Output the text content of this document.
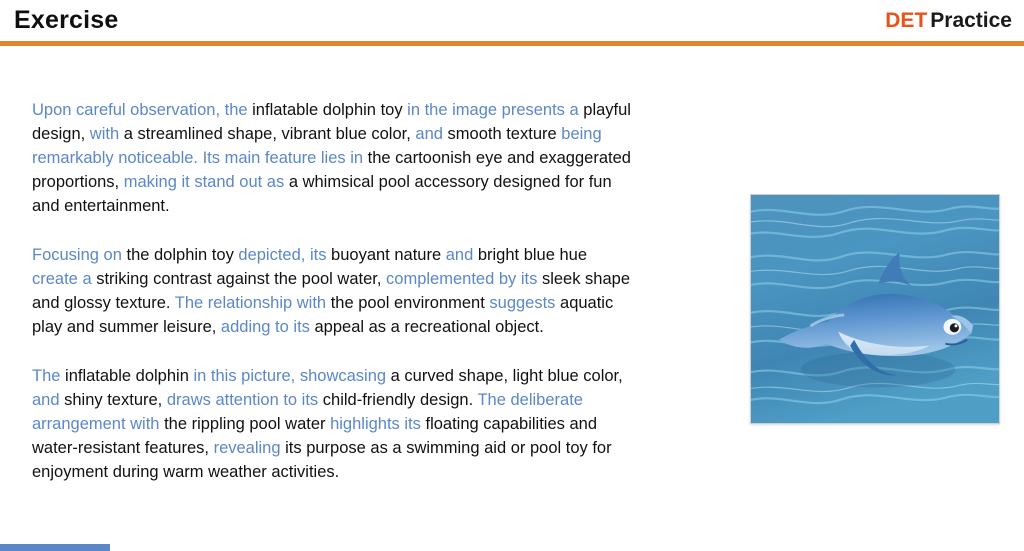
Exercise	DET Practice

Upon careful observation, the inflatable dolphin toy in the image presents a playful design, with a streamlined shape, vibrant blue color, and smooth texture being remarkably noticeable. Its main feature lies in the cartoonish eye and exaggerated proportions, making it stand out as a whimsical pool accessory designed for fun and entertainment.

Focusing on the dolphin toy depicted, its buoyant nature and bright blue hue create a striking contrast against the pool water, complemented by its sleek shape and glossy texture. The relationship with the pool environment suggests aquatic play and summer leisure, adding to its appeal as a recreational object.

The inflatable dolphin in this picture, showcasing a curved shape, light blue color, and shiny texture, draws attention to its child-friendly design. The deliberate arrangement with the rippling pool water highlights its floating capabilities and water-resistant features, revealing its purpose as a swimming aid or pool toy for enjoyment during warm weather activities.
